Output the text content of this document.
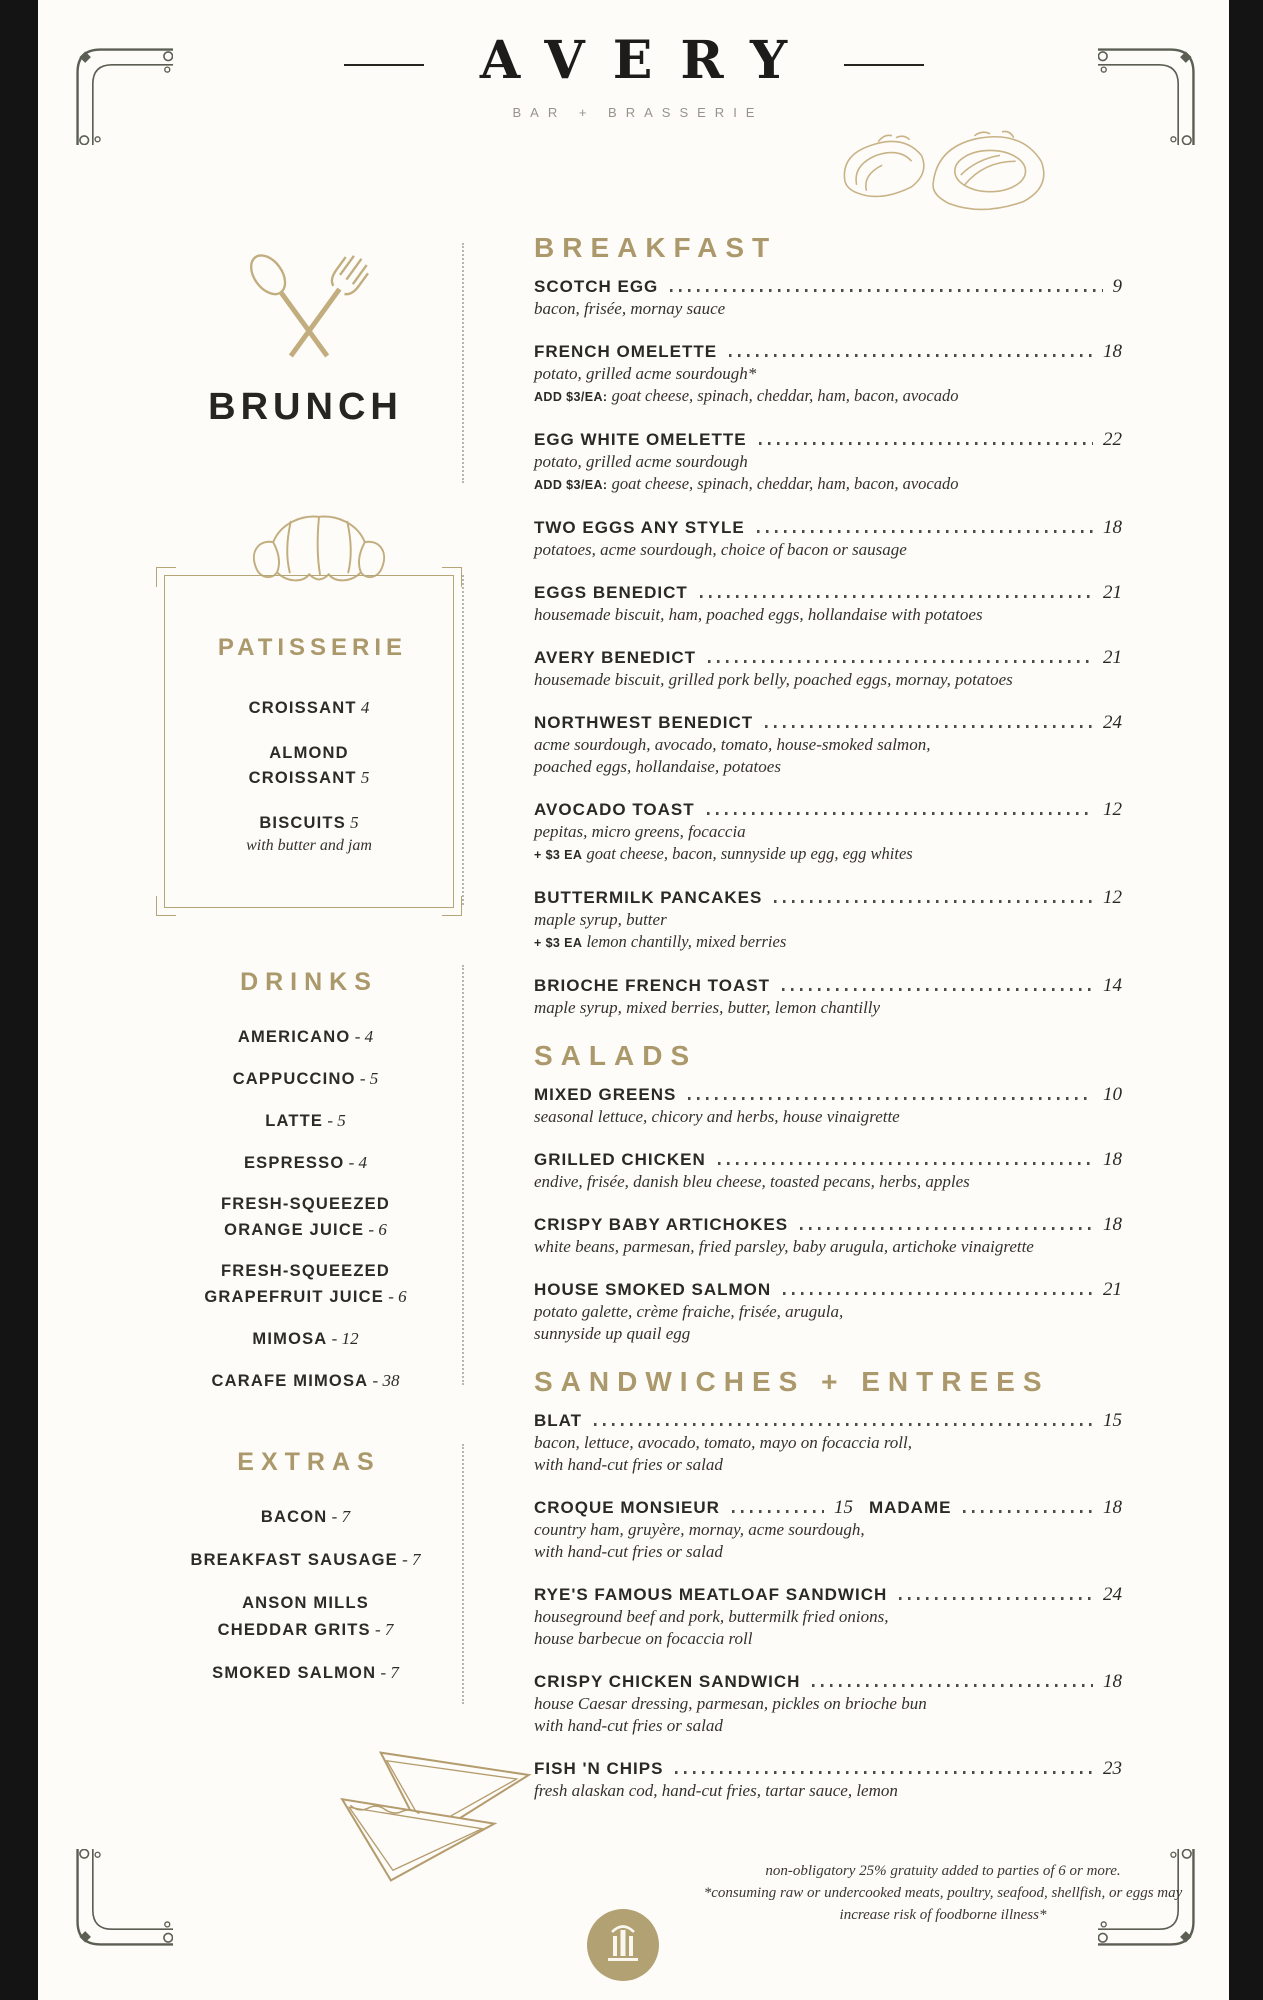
AVERY
BAR + BRASSERIE
BRUNCH
PATISSERIE
CROISSANT 4
ALMOND
CROISSANT 5
BISCUITS 5
with butter and jam
DRINKS
AMERICANO - 4
CAPPUCCINO - 5
LATTE - 5
ESPRESSO - 4
FRESH-SQUEEZED
ORANGE JUICE - 6
FRESH-SQUEEZED
GRAPEFRUIT JUICE - 6
MIMOSA - 12
CARAFE MIMOSA - 38
EXTRAS
BACON - 7
BREAKFAST SAUSAGE - 7
ANSON MILLS
CHEDDAR GRITS - 7
SMOKED SALMON - 7
BREAKFAST
SCOTCH EGG	9
bacon, frisée, mornay sauce
FRENCH OMELETTE	18
potato, grilled acme sourdough*
ADD $3/EA: goat cheese, spinach, cheddar, ham, bacon, avocado
EGG WHITE OMELETTE	22
potato, grilled acme sourdough
ADD $3/EA: goat cheese, spinach, cheddar, ham, bacon, avocado
TWO EGGS ANY STYLE	18
potatoes, acme sourdough, choice of bacon or sausage
EGGS BENEDICT	21
housemade biscuit, ham, poached eggs, hollandaise with potatoes
AVERY BENEDICT	21
housemade biscuit, grilled pork belly, poached eggs, mornay, potatoes
NORTHWEST BENEDICT	24
acme sourdough, avocado, tomato, house-smoked salmon,
poached eggs, hollandaise, potatoes
AVOCADO TOAST	12
pepitas, micro greens, focaccia
+ $3 EA goat cheese, bacon, sunnyside up egg, egg whites
BUTTERMILK PANCAKES	12
maple syrup, butter
+ $3 EA lemon chantilly, mixed berries
BRIOCHE FRENCH TOAST	14
maple syrup, mixed berries, butter, lemon chantilly
SALADS
MIXED GREENS	10
seasonal lettuce, chicory and herbs, house vinaigrette
GRILLED CHICKEN	18
endive, frisée, danish bleu cheese, toasted pecans, herbs, apples
CRISPY BABY ARTICHOKES	18
white beans, parmesan, fried parsley, baby arugula, artichoke vinaigrette
HOUSE SMOKED SALMON	21
potato galette, crème fraiche, frisée, arugula,
sunnyside up quail egg
SANDWICHES + ENTREES
BLAT	15
bacon, lettuce, avocado, tomato, mayo on focaccia roll,
with hand-cut fries or salad
CROQUE MONSIEUR	15 MADAME	18
country ham, gruyère, mornay, acme sourdough,
with hand-cut fries or salad
RYE'S FAMOUS MEATLOAF SANDWICH	24
houseground beef and pork, buttermilk fried onions,
house barbecue on focaccia roll
CRISPY CHICKEN SANDWICH	18
house Caesar dressing, parmesan, pickles on brioche bun
with hand-cut fries or salad
FISH 'N CHIPS	23
fresh alaskan cod, hand-cut fries, tartar sauce, lemon
non-obligatory 25% gratuity added to parties of 6 or more.
*consuming raw or undercooked meats, poultry, seafood, shellfish, or eggs may
increase risk of foodborne illness*
